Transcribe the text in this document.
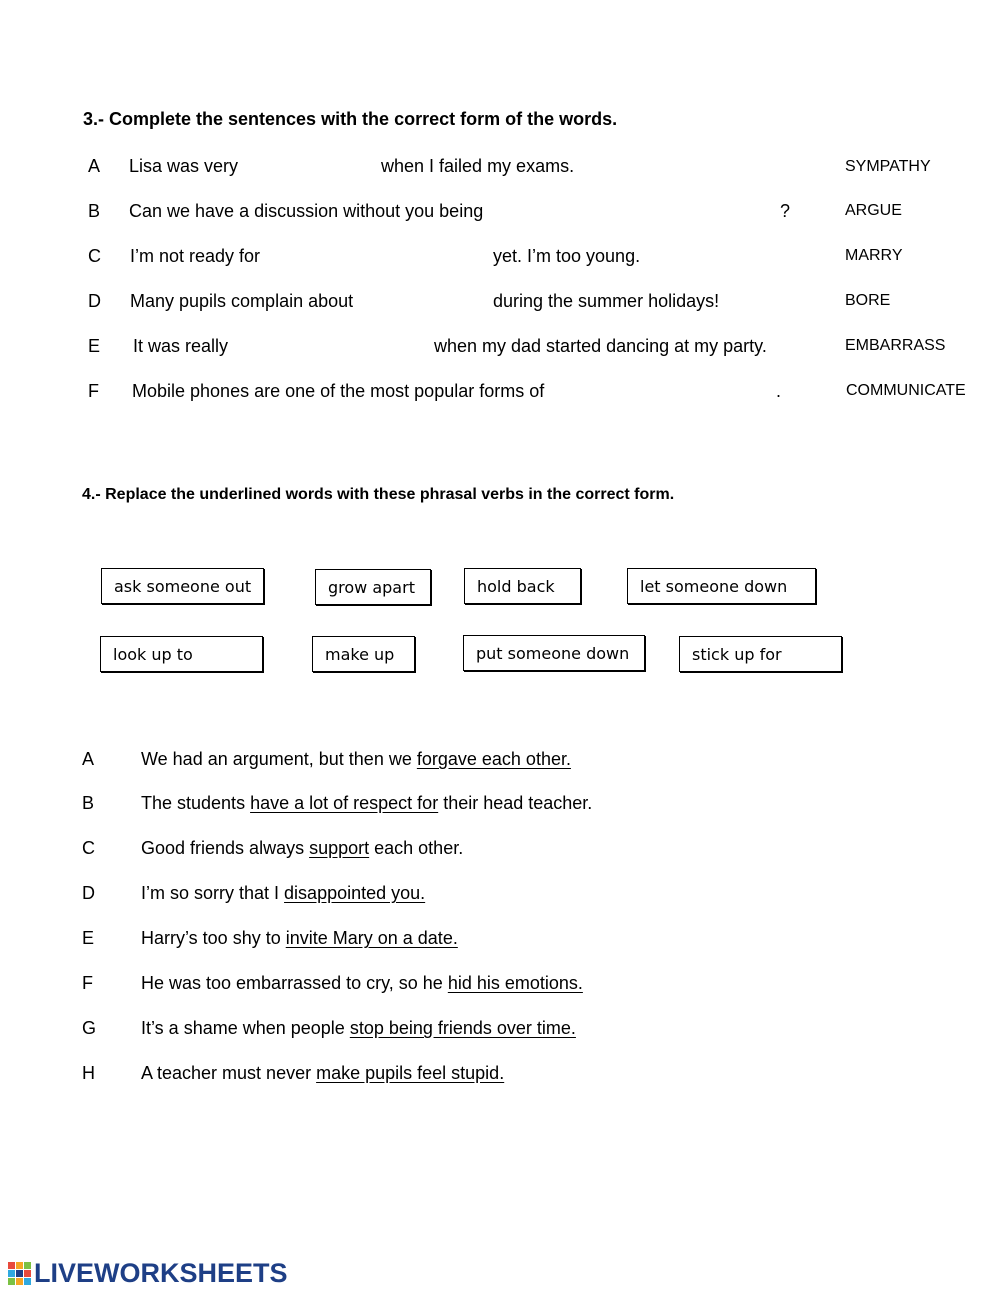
3.- Complete the sentences with the correct form of the words.
A Lisa was very	when I failed my exams.	SYMPATHY
B Can we have a discussion without you being	?	ARGUE
C I’m not ready for	yet. I’m too young.	MARRY
D Many pupils complain about	during the summer holidays!	BORE
E It was really	when my dad started dancing at my party.	EMBARRASS
F Mobile phones are one of the most popular forms of	.	COMMUNICATE
4.- Replace the underlined words with these phrasal verbs in the correct form.
ask someone out	grow apart	hold back	let someone down
look up to	make up	put someone down	stick up for
A	We had an argument, but then we forgave each other.
B	The students have a lot of respect for their head teacher.
C	Good friends always support each other.
D	I’m so sorry that I disappointed you.
E	Harry’s too shy to invite Mary on a date.
F	He was too embarrassed to cry, so he hid his emotions.
G It’s a shame when people stop being friends over time.
H	A teacher must never make pupils feel stupid.
LIVEWORKSHEETS
